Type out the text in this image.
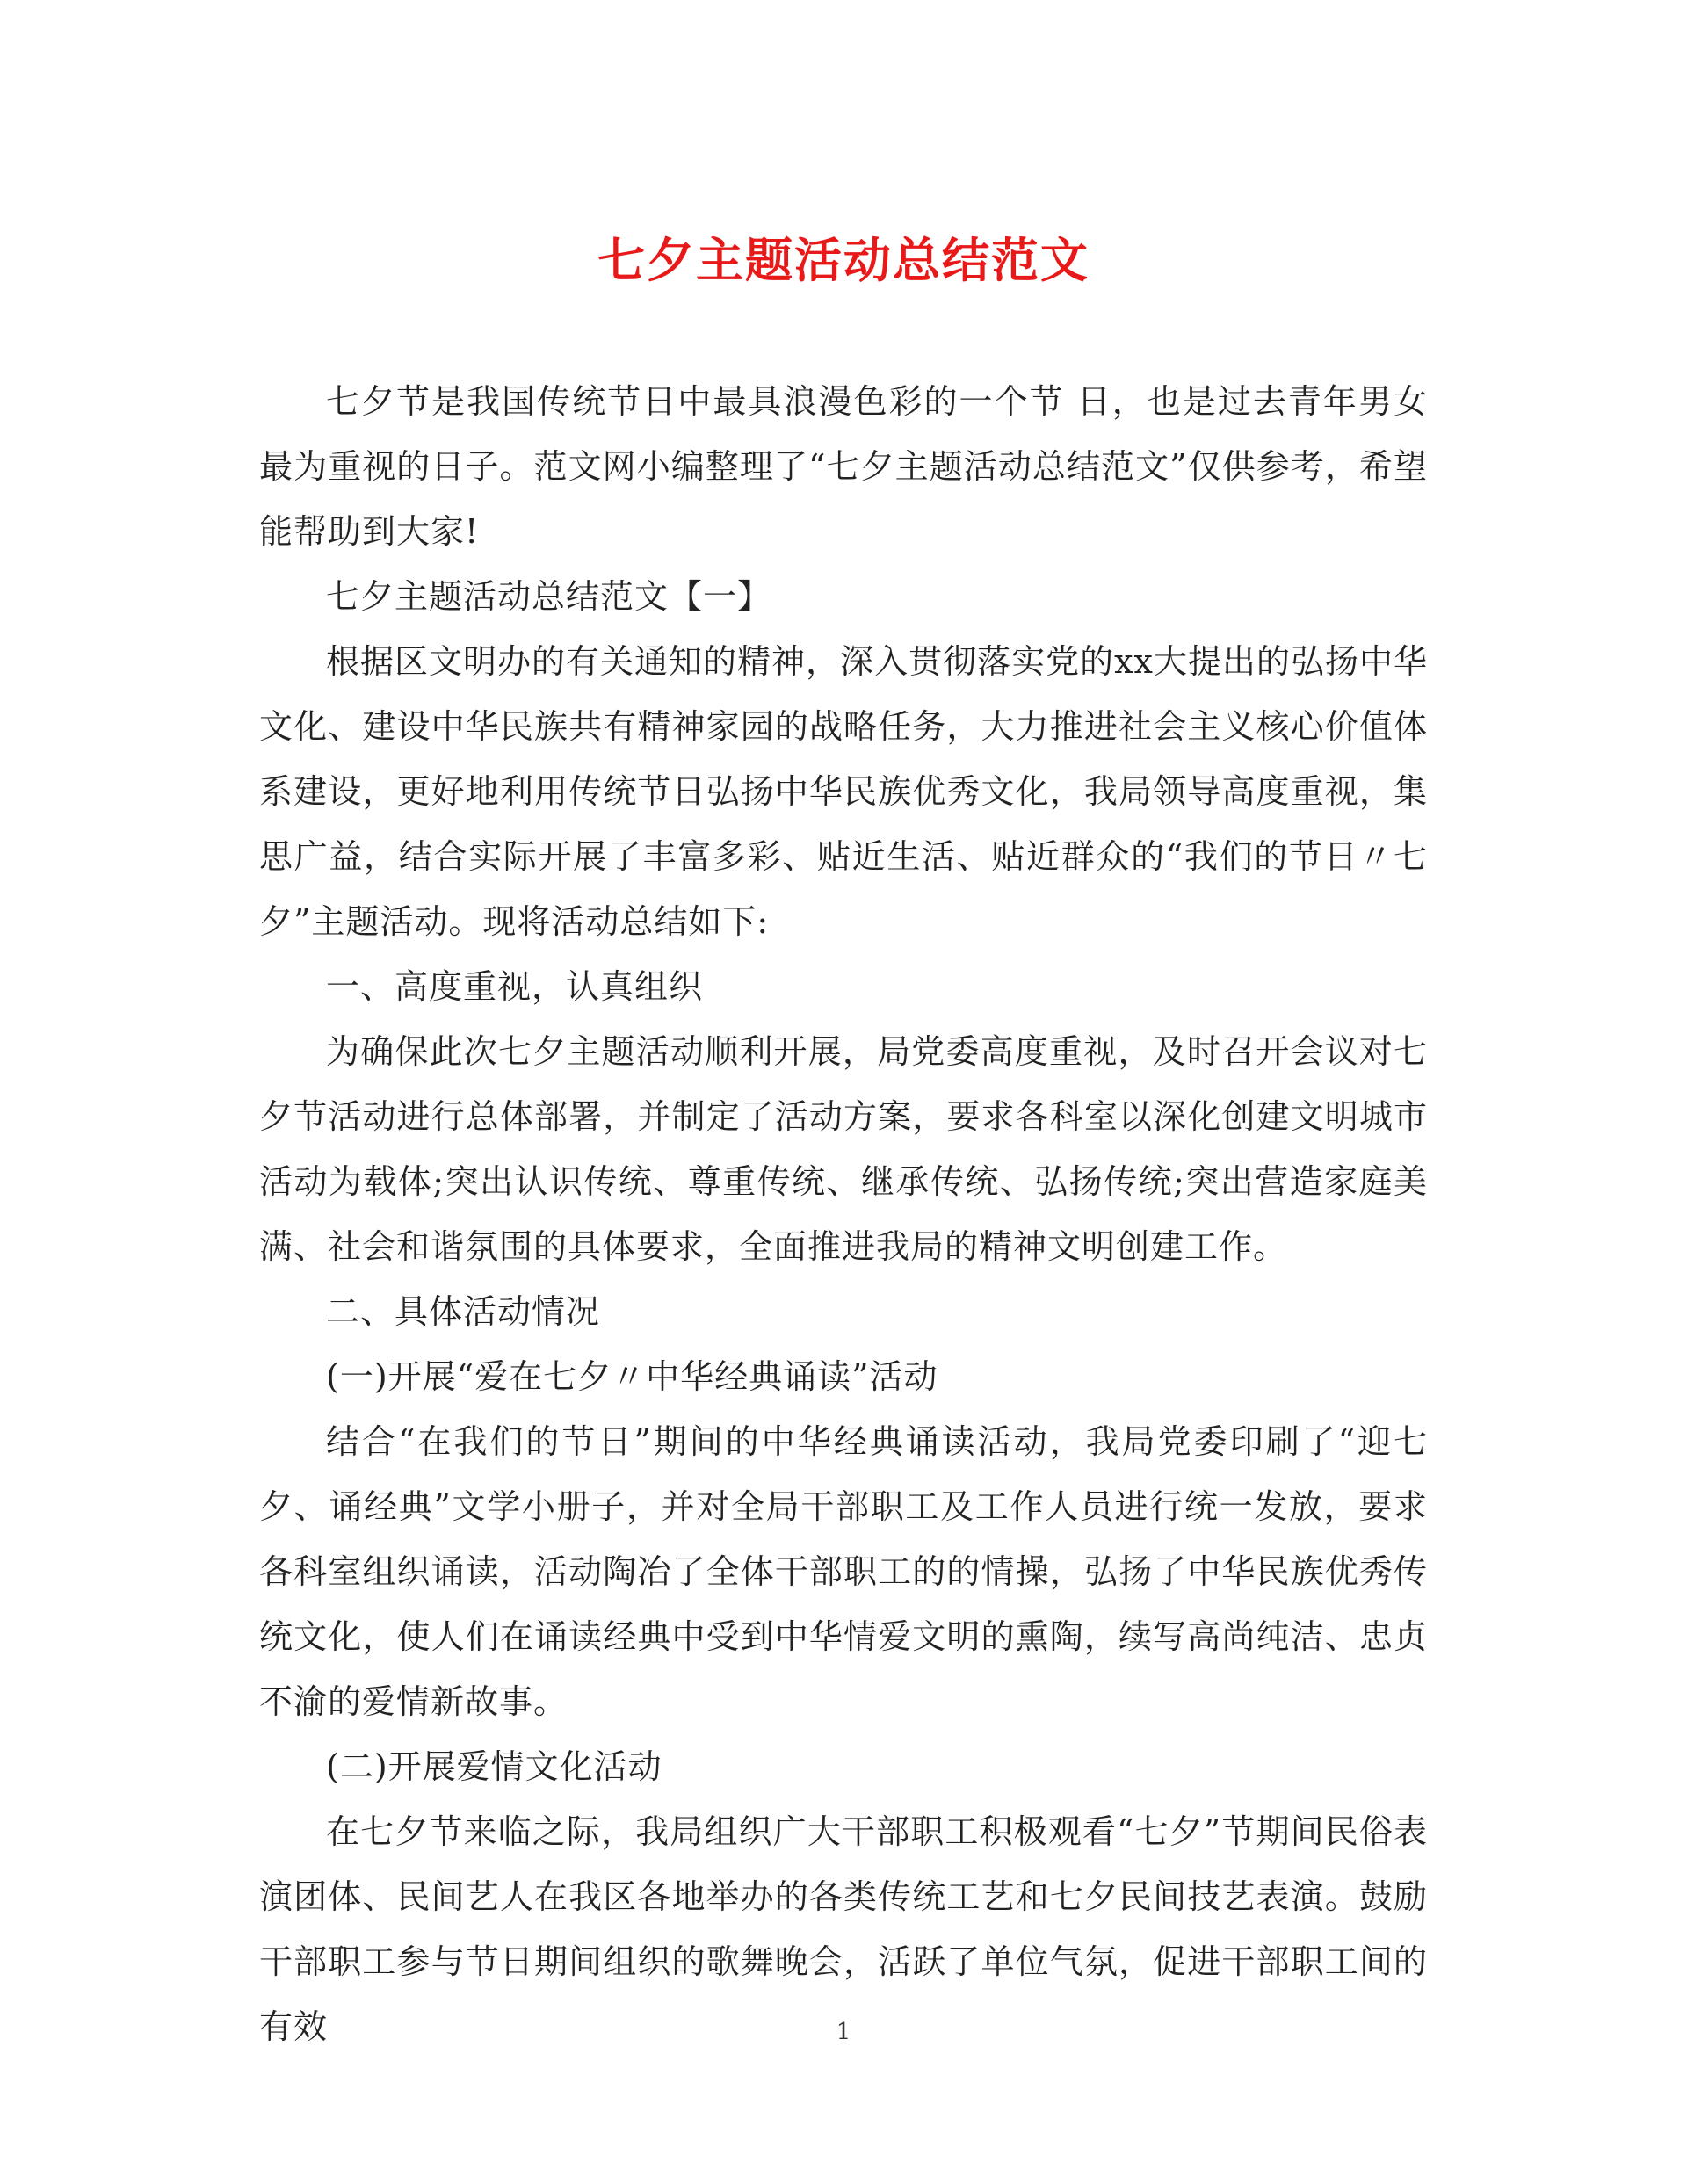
七夕主题活动总结范文

七夕节是我国传统节日中最具浪漫色彩的一个节 日，也是过去青年男女最为重视的日子。范文网小编整理了“七夕主题活动总结范文”仅供参考，希望能帮助到大家!

七夕主题活动总结范文【一】

根据区文明办的有关通知的精神，深入贯彻落实党的xx大提出的弘扬中华文化、建设中华民族共有精神家园的战略任务，大力推进社会主义核心价值体系建设，更好地利用传统节日弘扬中华民族优秀文化，我局领导高度重视，集思广益，结合实际开展了丰富多彩、贴近生活、贴近群众的“我们的节日〃七夕”主题活动。现将活动总结如下:

一、高度重视，认真组织

为确保此次七夕主题活动顺利开展，局党委高度重视，及时召开会议对七夕节活动进行总体部署，并制定了活动方案，要求各科室以深化创建文明城市活动为载体;突出认识传统、尊重传统、继承传统、弘扬传统;突出营造家庭美满、社会和谐氛围的具体要求，全面推进我局的精神文明创建工作。

二、具体活动情况

(一)开展“爱在七夕〃中华经典诵读”活动

结合“在我们的节日”期间的中华经典诵读活动，我局党委印刷了“迎七夕、诵经典”文学小册子，并对全局干部职工及工作人员进行统一发放，要求各科室组织诵读，活动陶冶了全体干部职工的的情操，弘扬了中华民族优秀传统文化，使人们在诵读经典中受到中华情爱文明的熏陶，续写高尚纯洁、忠贞不渝的爱情新故事。

(二)开展爱情文化活动

在七夕节来临之际，我局组织广大干部职工积极观看“七夕”节期间民俗表演团体、民间艺人在我区各地举办的各类传统工艺和七夕民间技艺表演。鼓励干部职工参与节日期间组织的歌舞晚会，活跃了单位气氛，促进干部职工间的有效	1
